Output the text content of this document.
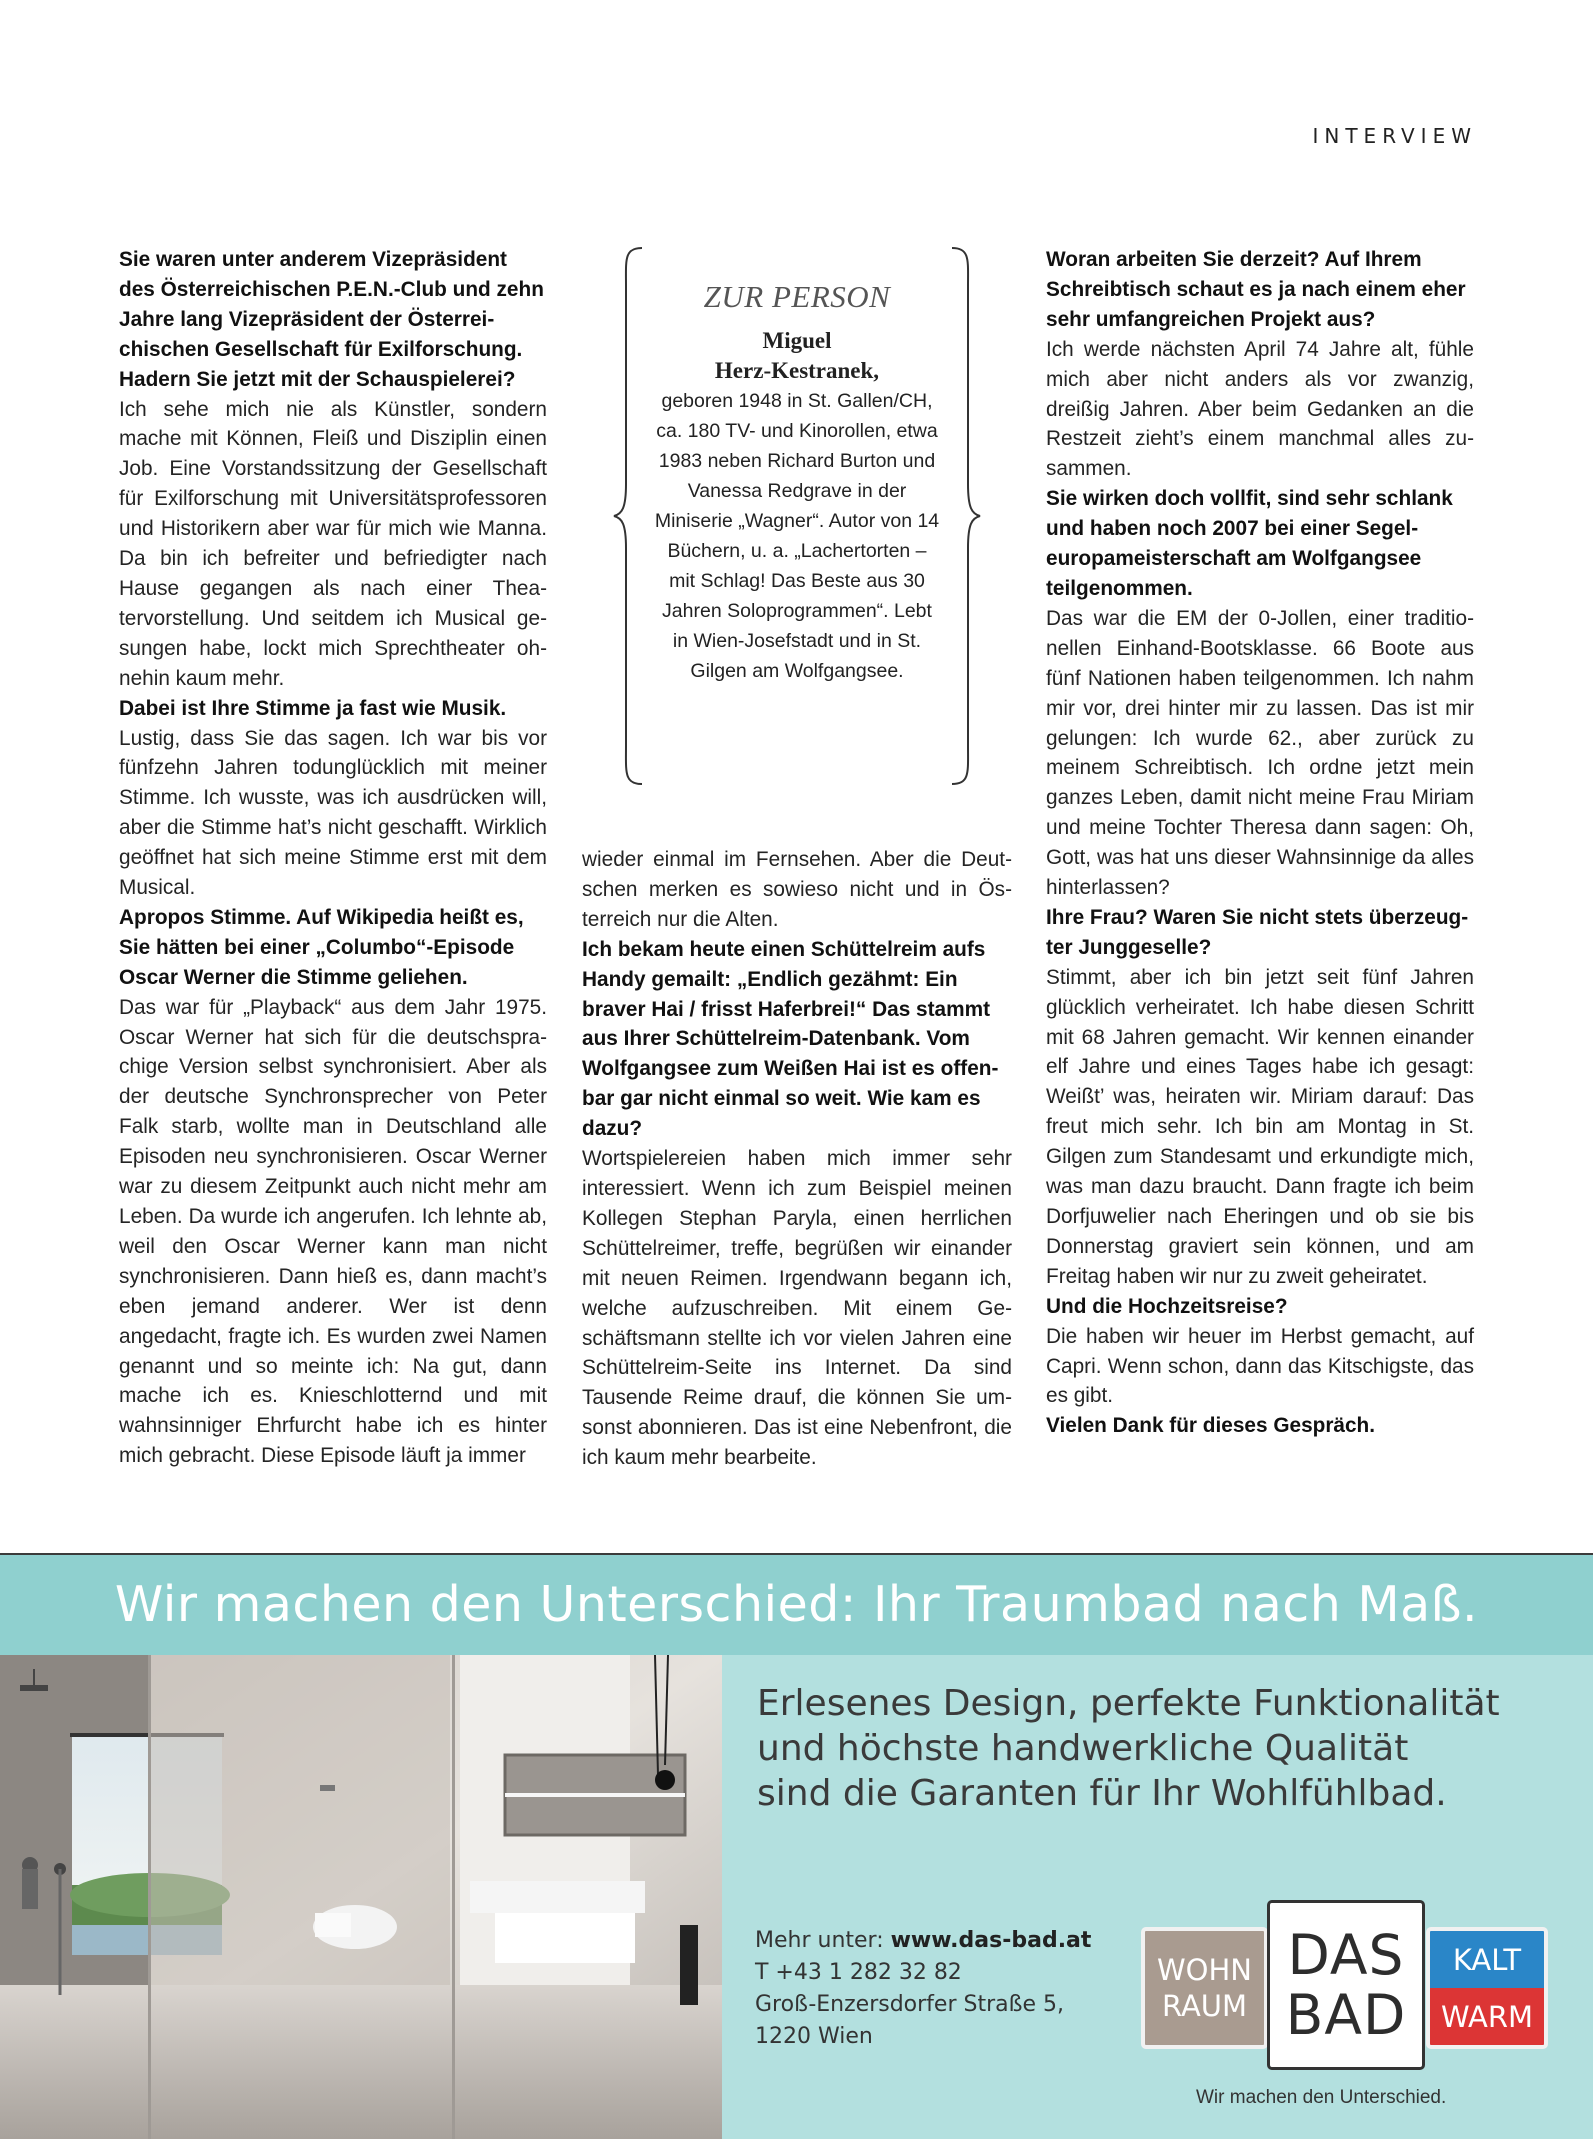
INTERVIEW

Sie waren unter anderem Vizepräsident des Österreichischen P.E.N.-Club und zehn Jahre lang Vizepräsident der Österreichischen Gesellschaft für Exilforschung. Hadern Sie jetzt mit der Schauspielerei?

Ich sehe mich nie als Künstler, sondern mache mit Können, Fleiß und Disziplin einen Job. Eine Vorstandssitzung der Gesellschaft für Exilforschung mit Universitätsprofessoren und Historikern aber war für mich wie Manna. Da bin ich befreiter und befriedigter nach Hause gegangen als nach einer Theatervorstellung. Und seitdem ich Musical gesungen habe, lockt mich Sprechtheater ohnehin kaum mehr.

Dabei ist Ihre Stimme ja fast wie Musik.

Lustig, dass Sie das sagen. Ich war bis vor fünfzehn Jahren todunglücklich mit meiner Stimme. Ich wusste, was ich ausdrücken will, aber die Stimme hat’s nicht geschafft. Wirklich geöffnet hat sich meine Stimme erst mit dem Musical.

Apropos Stimme. Auf Wikipedia heißt es, Sie hätten bei einer „Columbo“-Episode Oscar Werner die Stimme geliehen.

Das war für „Playback“ aus dem Jahr 1975. Oscar Werner hat sich für die deutschsprachige Version selbst synchronisiert. Aber als der deutsche Synchronsprecher von Peter Falk starb, wollte man in Deutschland alle Episoden neu synchronisieren. Oscar Werner war zu diesem Zeitpunkt auch nicht mehr am Leben. Da wurde ich angerufen. Ich lehnte ab, weil den Oscar Werner kann man nicht synchronisieren. Dann hieß es, dann macht’s eben jemand anderer. Wer ist denn angedacht, fragte ich. Es wurden zwei Namen genannt und so meinte ich: Na gut, dann mache ich es. Knieschlotternd und mit wahnsinniger Ehrfurcht habe ich es hinter mich gebracht. Diese Episode läuft ja immer

wieder einmal im Fernsehen. Aber die Deutschen merken es sowieso nicht und in Österreich nur die Alten.

Ich bekam heute einen Schüttelreim aufs Handy gemailt: „Endlich gezähmt: Ein braver Hai / frisst Haferbrei!“ Das stammt aus Ihrer Schüttelreim-Datenbank. Vom Wolfgangsee zum Weißen Hai ist es offenbar gar nicht einmal so weit. Wie kam es dazu?

Wortspielereien haben mich immer sehr interessiert. Wenn ich zum Beispiel meinen Kollegen Stephan Paryla, einen herrlichen Schüttelreimer, treffe, begrüßen wir einander mit neuen Reimen. Irgendwann begann ich, welche aufzuschreiben. Mit einem Geschäftsmann stellte ich vor vielen Jahren eine Schüttelreim-Seite ins Internet. Da sind Tausende Reime drauf, die können Sie umsonst abonnieren. Das ist eine Nebenfront, die ich kaum mehr bearbeite.

Woran arbeiten Sie derzeit? Auf Ihrem Schreibtisch schaut es ja nach einem eher sehr umfangreichen Projekt aus?

Ich werde nächsten April 74 Jahre alt, fühle mich aber nicht anders als vor zwanzig, dreißig Jahren. Aber beim Gedanken an die Restzeit zieht’s einem manchmal alles zusammen.

Sie wirken doch vollfit, sind sehr schlank und haben noch 2007 bei einer Segeleuropameisterschaft am Wolfgangsee teilgenommen.

Das war die EM der 0-Jollen, einer traditionellen Einhand-Bootsklasse. 66 Boote aus fünf Nationen haben teilgenommen. Ich nahm mir vor, drei hinter mir zu lassen. Das ist mir gelungen: Ich wurde 62., aber zurück zu meinem Schreibtisch. Ich ordne jetzt mein ganzes Leben, damit nicht meine Frau Miriam und meine Tochter Theresa dann sagen: Oh, Gott, was hat uns dieser Wahnsinnige da alles hinterlassen?

Ihre Frau? Waren Sie nicht stets überzeugter Junggeselle?

Stimmt, aber ich bin jetzt seit fünf Jahren glücklich verheiratet. Ich habe diesen Schritt mit 68 Jahren gemacht. Wir kennen einander elf Jahre und eines Tages habe ich gesagt: Weißt’ was, heiraten wir. Miriam darauf: Das freut mich sehr. Ich bin am Montag in St. Gilgen zum Standesamt und erkundigte mich, was man dazu braucht. Dann fragte ich beim Dorfjuwelier nach Eheringen und ob sie bis Donnerstag graviert sein können, und am Freitag haben wir nur zu zweit geheiratet.

Und die Hochzeitsreise?

Die haben wir heuer im Herbst gemacht, auf Capri. Wenn schon, dann das Kitschigste, das es gibt.

Vielen Dank für dieses Gespräch.

ZUR PERSON
Miguel
Herz-Kestranek,

geboren 1948 in St. Gallen/CH, ca. 180 TV- und Kinorollen, etwa 1983 neben Richard Burton und Vanessa Redgrave in der Miniserie „Wagner“. Autor von 14 Büchern, u. a. „Lachertorten – mit Schlag! Das Beste aus 30 Jahren Soloprogrammen“. Lebt in Wien-Josefstadt und in St. Gilgen am Wolfgangsee.

Wir machen den Unterschied: Ihr Traumbad nach Maß.
Erlesenes Design, perfekte Funktionalität
und höchste handwerkliche Qualität
sind die Garanten für Ihr Wohlfühlbad.
Mehr unter: www.das-bad.at
T +43 1 282 32 82
Groß-Enzersdorfer Straße 5,
1220 Wien
WOHN
RAUM
DAS
BAD
KALT
WARM
Wir machen den Unterschied.
